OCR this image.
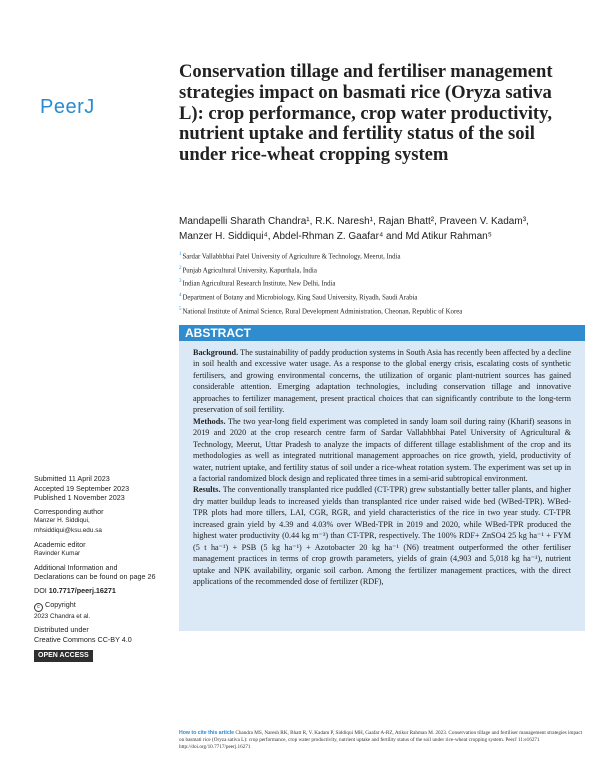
PeerJ
Conservation tillage and fertiliser management strategies impact on basmati rice (Oryza sativa L): crop performance, crop water productivity, nutrient uptake and fertility status of the soil under rice-wheat cropping system
Mandapelli Sharath Chandra¹, R.K. Naresh¹, Rajan Bhatt², Praveen V. Kadam³,
Manzer H. Siddiqui⁴, Abdel-Rhman Z. Gaafar⁴ and Md Atikur Rahman⁵
$^1$Sardar Vallabhbhai Patel University of Agriculture & Technology, Meerut, India
$^2$Punjab Agricultural University, Kapurthala, India
$^3$Indian Agricultural Research Institute, New Delhi, India
$^4$Department of Botany and Microbiology, King Saud University, Riyadh, Saudi Arabia
$^5$National Institute of Animal Science, Rural Development Administration, Cheonan, Republic of Korea
ABSTRACT

Background. The sustainability of paddy production systems in South Asia has recently been affected by a decline in soil health and excessive water usage. As a response to the global energy crisis, escalating costs of synthetic fertilisers, and growing environmental concerns, the utilization of organic plant-nutrient sources has gained considerable attention. Emerging adaptation technologies, including conservation tillage and innovative approaches to fertilizer management, present practical choices that can significantly contribute to the long-term preservation of soil fertility.

Methods. The two year-long field experiment was completed in sandy loam soil during rainy (Kharif) seasons in 2019 and 2020 at the crop research centre farm of Sardar Vallabhbhai Patel University of Agricultural & Technology, Meerut, Uttar Pradesh to analyze the impacts of different tillage establishment of the crop and its methodologies as well as integrated nutritional management approaches on rice growth, yield, productivity of water, nutrient uptake, and fertility status of soil under a rice-wheat rotation system. The experiment was set up in a factorial randomized block design and replicated three times in a semi-arid subtropical environment.

Results. The conventionally transplanted rice puddled (CT-TPR) grew substantially better taller plants, and higher dry matter buildup leads to increased yields than transplanted rice under raised wide bed (WBed-TPR). WBed-TPR plots had more tillers, LAI, CGR, RGR, and yield characteristics of the rice in two year study. CT-TPR increased grain yield by 4.39 and 4.03% over WBed-TPR in 2019 and 2020, while WBed-TPR produced the highest water productivity (0.44 kg m⁻³) than CT-TPR, respectively. The 100% RDF+ ZnSO4 25 kg ha⁻¹ + FYM (5 t ha⁻¹) + PSB (5 kg ha⁻¹) + Azotobacter 20 kg ha⁻¹ (N6) treatment outperformed the other fertiliser management practices in terms of crop growth parameters, yields of grain (4,903 and 5,018 kg ha⁻¹), nutrient uptake and NPK availability, organic soil carbon. Among the fertilizer management practices, with the direct applications of the recommended dose of fertilizer (RDF),

Submitted 11 April 2023
Accepted 19 September 2023
Published 1 November 2023
Corresponding author
Manzer H. Siddiqui,
mhsiddiqui@ksu.edu.sa
Academic editor
Ravinder Kumar
Additional Information and Declarations can be found on page 26
DOI 10.7717/peerj.16271
c Copyright
2023 Chandra et al.
Distributed under
Creative Commons CC-BY 4.0
OPEN ACCESS
How to cite this article Chandra MS, Naresh RK, Bhatt R, V. Kadam P, Siddiqui MH, Gaafar A-RZ, Atikur Rahman M. 2023. Conservation tillage and fertiliser management strategies impact on basmati rice (Oryza sativa L): crop performance, crop water productivity, nutrient uptake and fertility status of the soil under rice-wheat cropping system. PeerJ 11:e16271 http://doi.org/10.7717/peerj.16271
